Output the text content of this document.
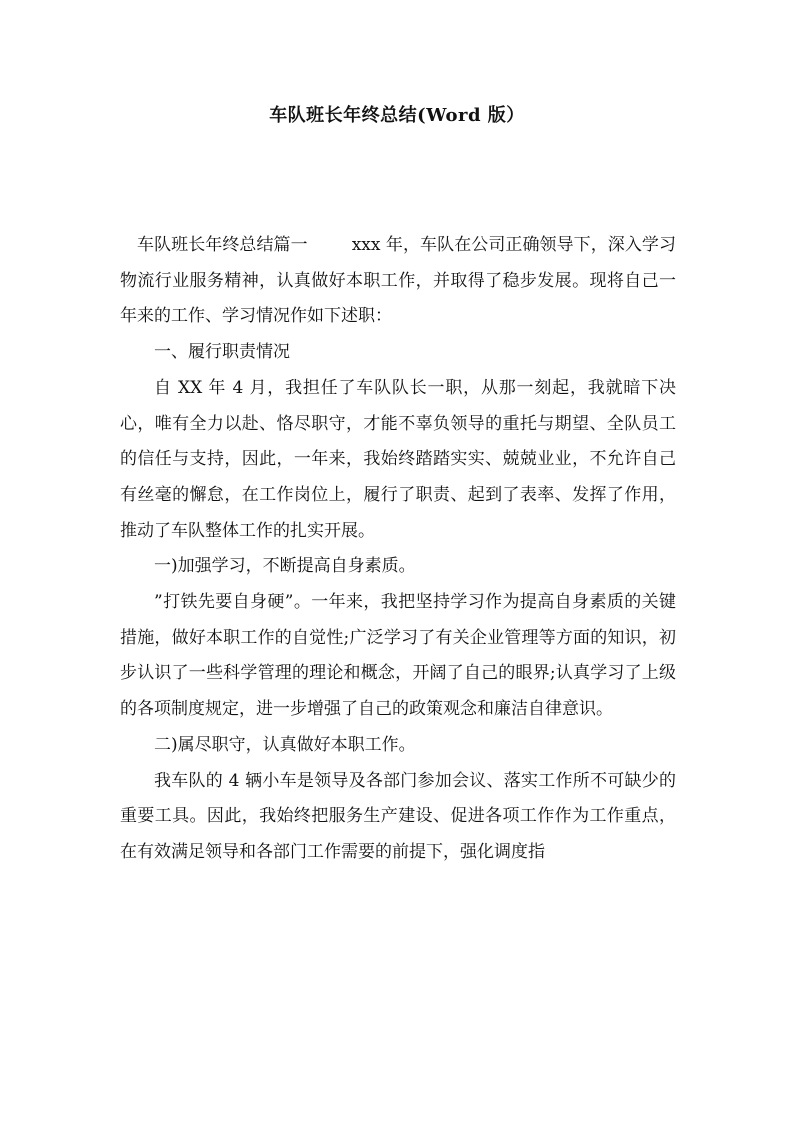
车队班长年终总结(Word 版）

车队班长年终总结篇一	xxx 年，车队在公司正确领导下，深入学习物流行业服务精神，认真做好本职工作，并取得了稳步发展。现将自己一年来的工作、学习情况作如下述职：

一、履行职责情况

自 XX 年 4 月，我担任了车队队长一职，从那一刻起，我就暗下决心，唯有全力以赴、恪尽职守，才能不辜负领导的重托与期望、全队员工的信任与支持，因此，一年来，我始终踏踏实实、兢兢业业，不允许自己有丝毫的懈怠，在工作岗位上，履行了职责、起到了表率、发挥了作用，推动了车队整体工作的扎实开展。

一)加强学习，不断提高自身素质。

”打铁先要自身硬”。一年来，我把坚持学习作为提高自身素质的关键措施，做好本职工作的自觉性;广泛学习了有关企业管理等方面的知识，初步认识了一些科学管理的理论和概念，开阔了自己的眼界;认真学习了上级的各项制度规定，进一步增强了自己的政策观念和廉洁自律意识。

二)属尽职守，认真做好本职工作。

我车队的 4 辆小车是领导及各部门参加会议、落实工作所不可缺少的重要工具。因此，我始终把服务生产建设、促进各项工作作为工作重点，在有效满足领导和各部门工作需要的前提下，强化调度指
